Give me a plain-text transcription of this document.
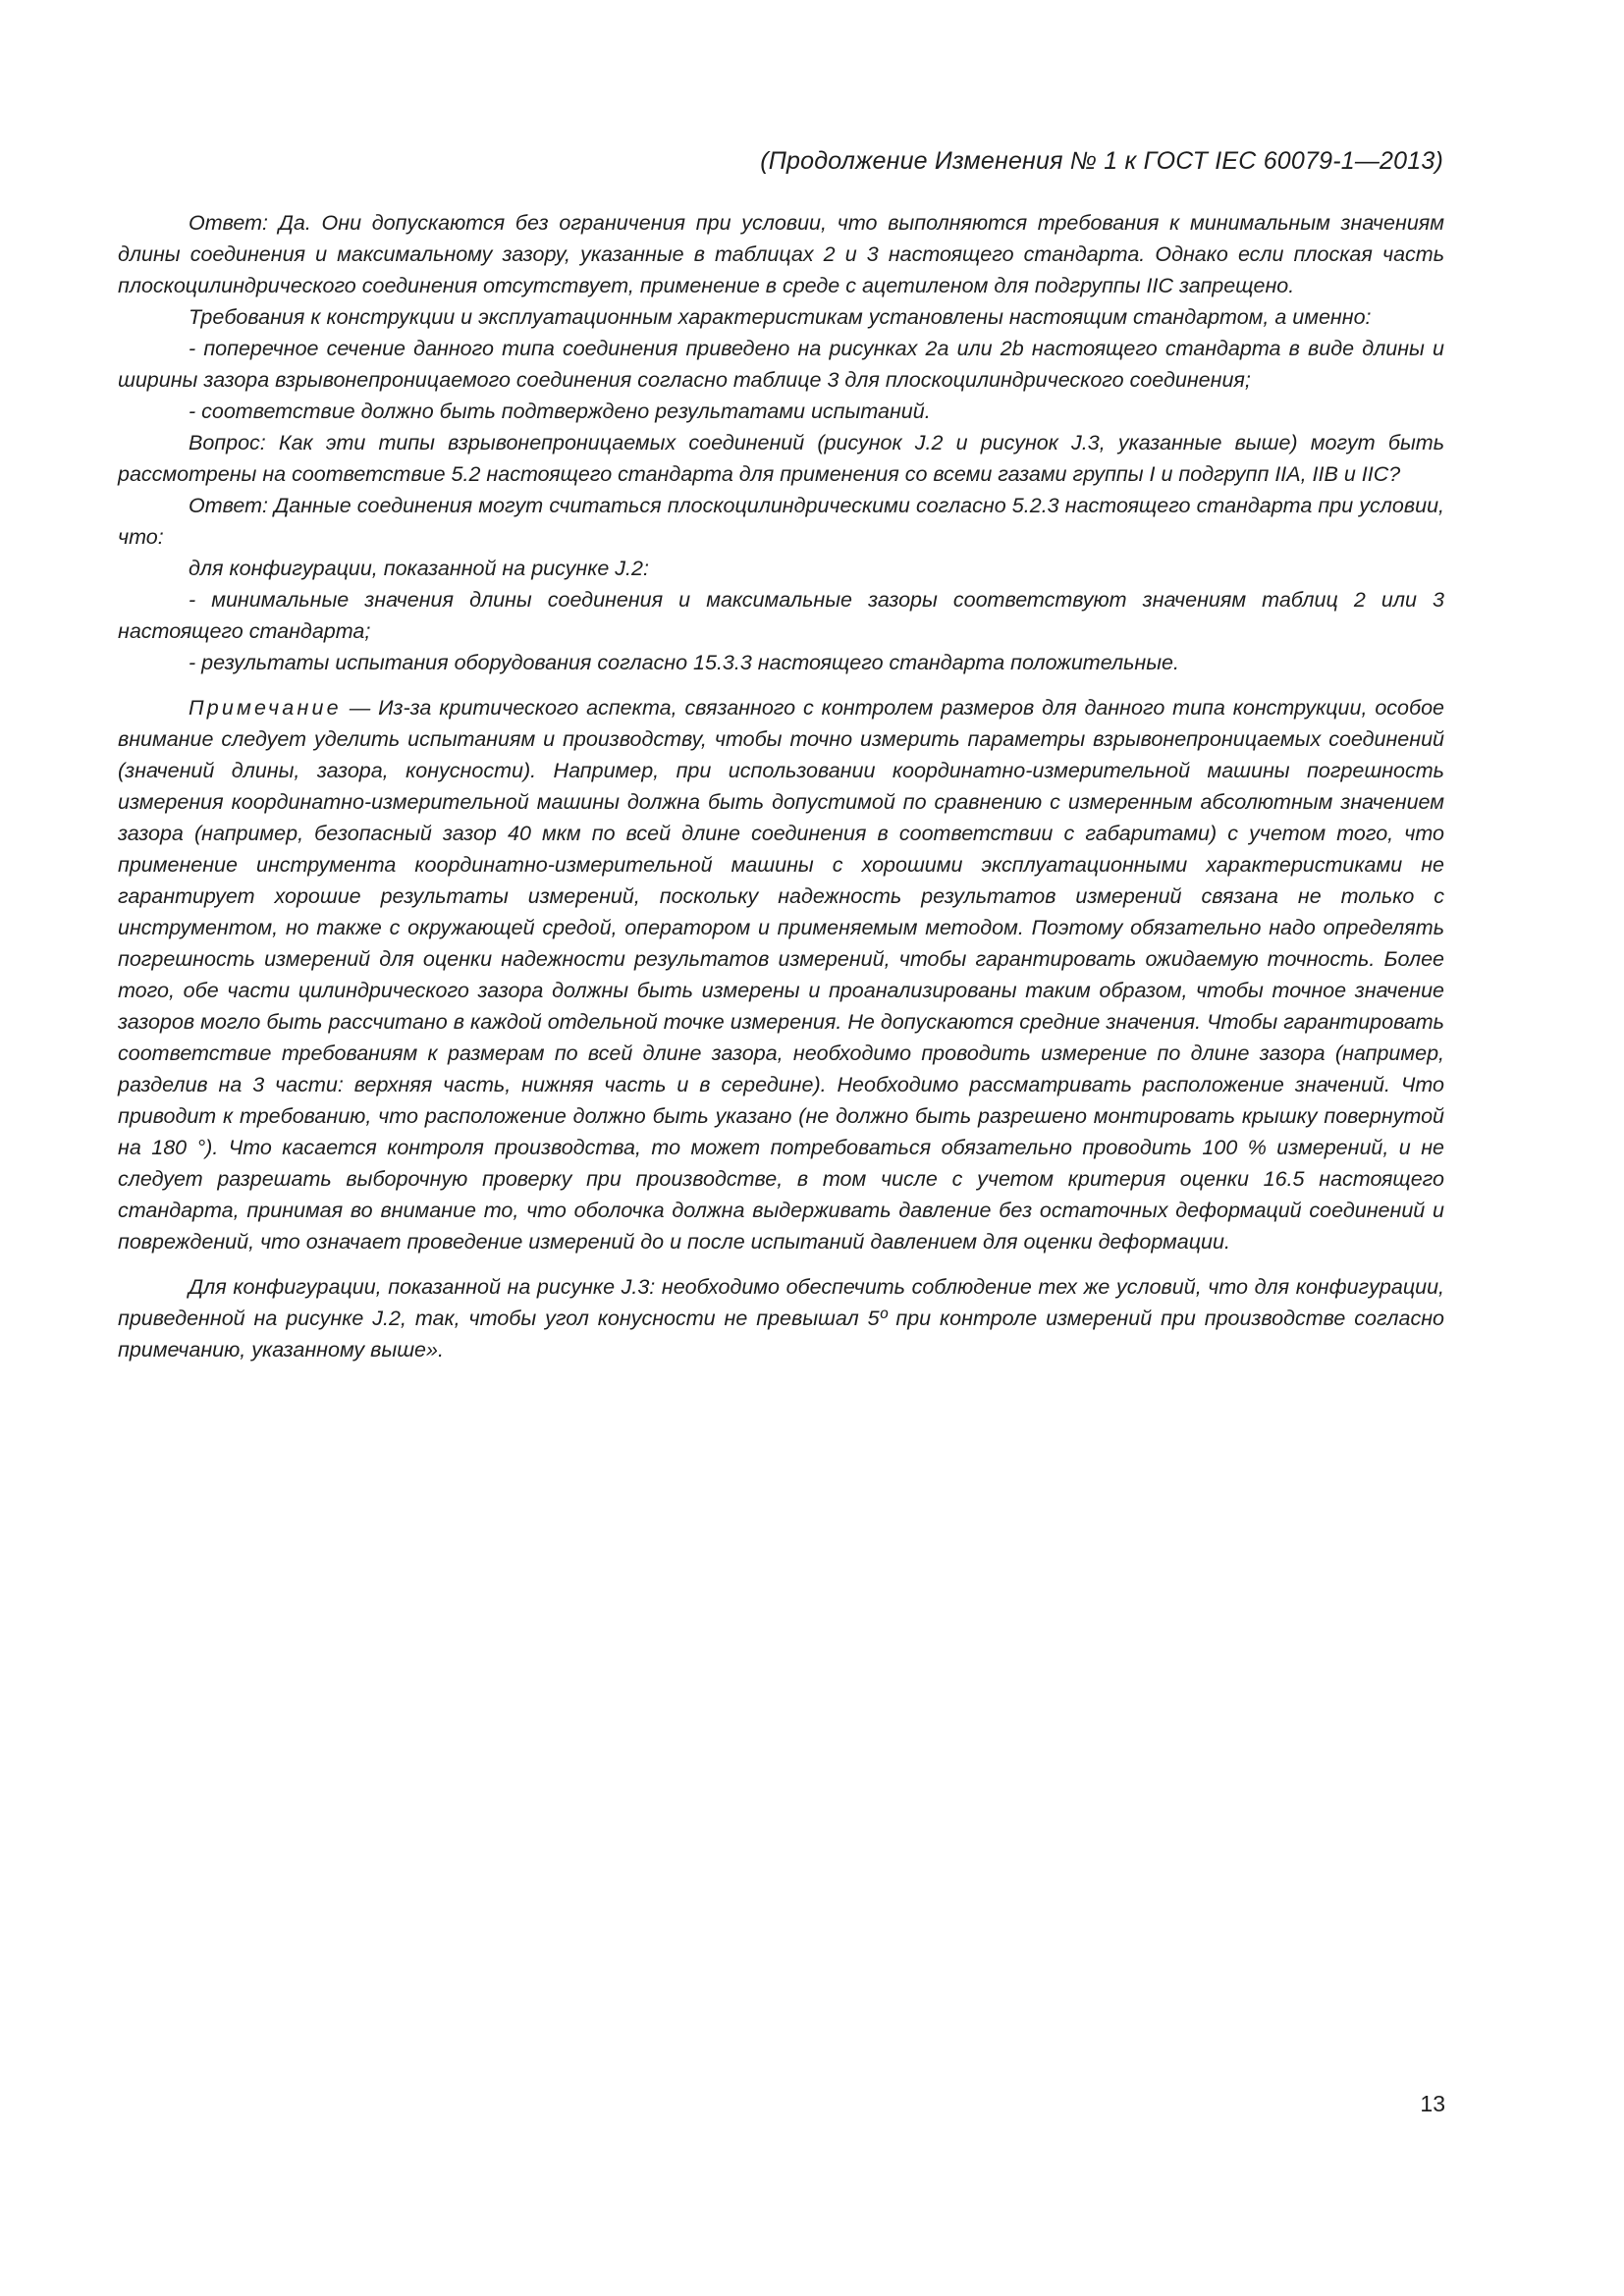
(Продолжение Изменения № 1 к ГОСТ IEC 60079-1—2013)

Ответ: Да. Они допускаются без ограничения при условии, что выполняются требования к минимальным значениям длины соединения и максимальному зазору, указанные в таблицах 2 и 3 настоящего стандарта. Однако если плоская часть плоскоцилиндрического соединения отсутствует, применение в среде с ацетиленом для подгруппы IIC запрещено.

Требования к конструкции и эксплуатационным характеристикам установлены настоящим стандартом, а именно:

- поперечное сечение данного типа соединения приведено на рисунках 2a или 2b настоящего стандарта в виде длины и ширины зазора взрывонепроницаемого соединения согласно таблице 3 для плоскоцилиндрического соединения;

- соответствие должно быть подтверждено результатами испытаний.

Вопрос: Как эти типы взрывонепроницаемых соединений (рисунок J.2 и рисунок J.3, указанные выше) могут быть рассмотрены на соответствие 5.2 настоящего стандарта для применения со всеми газами группы I и подгрупп IIA, IIB и IIC?

Ответ: Данные соединения могут считаться плоскоцилиндрическими согласно 5.2.3 настоящего стандарта при условии, что:

для конфигурации, показанной на рисунке J.2:

- минимальные значения длины соединения и максимальные зазоры соответствуют значениям таблиц 2 или 3 настоящего стандарта;

- результаты испытания оборудования согласно 15.3.3 настоящего стандарта положительные.

Примечание — Из-за критического аспекта, связанного с контролем размеров для данного типа конструкции, особое внимание следует уделить испытаниям и производству, чтобы точно измерить параметры взрывонепроницаемых соединений (значений длины, зазора, конусности). Например, при использовании координатно-измерительной машины погрешность измерения координатно-измерительной машины должна быть допустимой по сравнению с измеренным абсолютным значением зазора (например, безопасный зазор 40 мкм по всей длине соединения в соответствии с габаритами) с учетом того, что применение инструмента координатно-измерительной машины с хорошими эксплуатационными характеристиками не гарантирует хорошие результаты измерений, поскольку надежность результатов измерений связана не только с инструментом, но также с окружающей средой, оператором и применяемым методом. Поэтому обязательно надо определять погрешность измерений для оценки надежности результатов измерений, чтобы гарантировать ожидаемую точность. Более того, обе части цилиндрического зазора должны быть измерены и проанализированы таким образом, чтобы точное значение зазоров могло быть рассчитано в каждой отдельной точке измерения. Не допускаются средние значения. Чтобы гарантировать соответствие требованиям к размерам по всей длине зазора, необходимо проводить измерение по длине зазора (например, разделив на 3 части: верхняя часть, нижняя часть и в середине). Необходимо рассматривать расположение значений. Что приводит к требованию, что расположение должно быть указано (не должно быть разрешено монтировать крышку повернутой на 180 °). Что касается контроля производства, то может потребоваться обязательно проводить 100 % измерений, и не следует разрешать выборочную проверку при производстве, в том числе с учетом критерия оценки 16.5 настоящего стандарта, принимая во внимание то, что оболочка должна выдерживать давление без остаточных деформаций соединений и повреждений, что означает проведение измерений до и после испытаний давлением для оценки деформации.

Для конфигурации, показанной на рисунке J.3: необходимо обеспечить соблюдение тех же условий, что для конфигурации, приведенной на рисунке J.2, так, чтобы угол конусности не превышал 5º при контроле измерений при производстве согласно примечанию, указанному выше».

13
